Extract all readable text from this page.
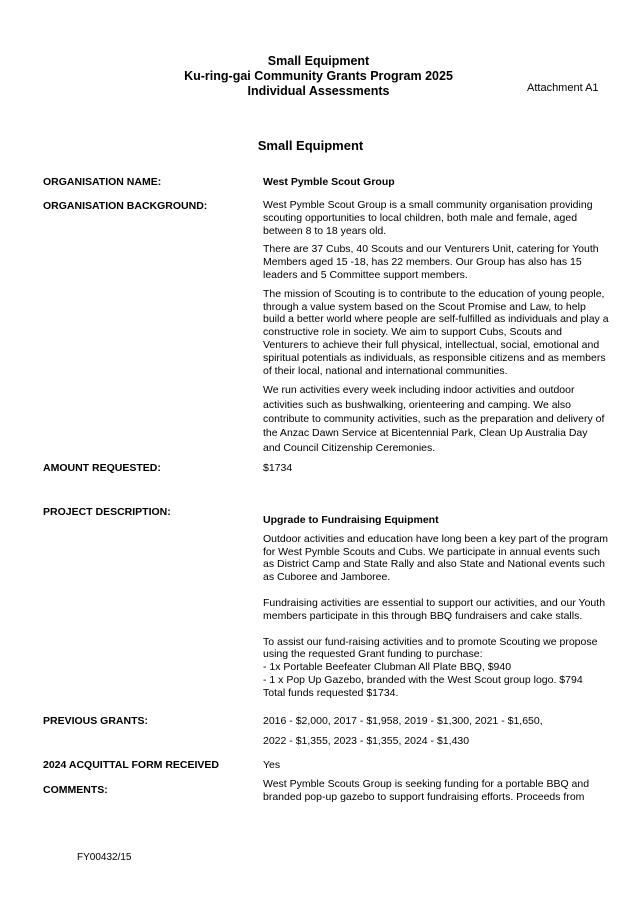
Small Equipment
Ku-ring-gai Community Grants Program 2025
Individual Assessments	Attachment A1
Small Equipment
ORGANISATION NAME:	West Pymble Scout Group
ORGANISATION BACKGROUND:	West Pymble Scout Group is a small community organisation providing
scouting opportunities to local children, both male and female, aged
between 8 to 18 years old.

There are 37 Cubs, 40 Scouts and our Venturers Unit, catering for Youth
Members aged 15 -18, has 22 members. Our Group has also has 15
leaders and 5 Committee support members.

The mission of Scouting is to contribute to the education of young people,
through a value system based on the Scout Promise and Law, to help
build a better world where people are self-fulfilled as individuals and play a
constructive role in society. We aim to support Cubs, Scouts and
Venturers to achieve their full physical, intellectual, social, emotional and
spiritual potentials as individuals, as responsible citizens and as members
of their local, national and international communities.

We run activities every week including indoor activities and outdoor
activities such as bushwalking, orienteering and camping. We also
contribute to community activities, such as the preparation and delivery of
the Anzac Dawn Service at Bicentennial Park, Clean Up Australia Day
and Council Citizenship Ceremonies.

AMOUNT REQUESTED:	$1734
PROJECT DESCRIPTION:

Upgrade to Fundraising Equipment

Outdoor activities and education have long been a key part of the program
for West Pymble Scouts and Cubs. We participate in annual events such
as District Camp and State Rally and also State and National events such
as Cuboree and Jamboree.

Fundraising activities are essential to support our activities, and our Youth
members participate in this through BBQ fundraisers and cake stalls.

To assist our fund-raising activities and to promote Scouting we propose
using the requested Grant funding to purchase:
- 1x Portable Beefeater Clubman All Plate BBQ, $940
- 1 x Pop Up Gazebo, branded with the West Scout group logo. $794
Total funds requested $1734.

PREVIOUS GRANTS:	2016 - $2,000, 2017 - $1,958, 2019 - $1,300, 2021 - $1,650,
2022 - $1,355, 2023 - $1,355, 2024 - $1,430
2024 ACQUITTAL FORM RECEIVED	Yes
COMMENTS:	West Pymble Scouts Group is seeking funding for a portable BBQ and
branded pop-up gazebo to support fundraising efforts. Proceeds from
FY00432/15
